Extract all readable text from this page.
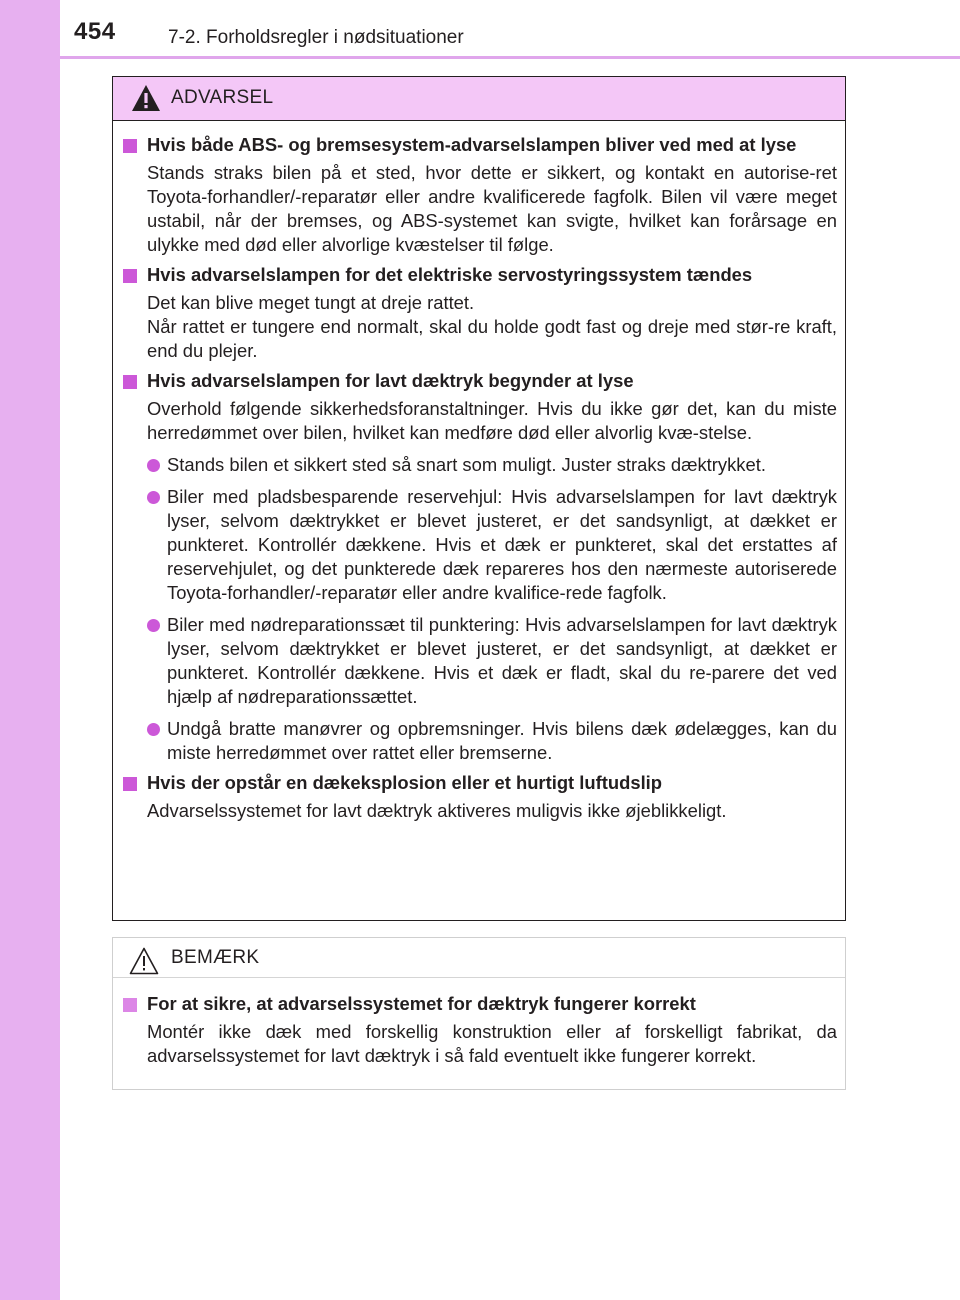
454	7-2. Forholdsregler i nødsituationer
ADVARSEL
Hvis både ABS- og bremsesystem-advarselslampen bliver ved med at lyse
Stands straks bilen på et sted, hvor dette er sikkert, og kontakt en autorise-ret Toyota-forhandler/-reparatør eller andre kvalificerede fagfolk. Bilen vil være meget ustabil, når der bremses, og ABS-systemet kan svigte, hvilket kan forårsage en ulykke med død eller alvorlige kvæstelser til følge.
Hvis advarselslampen for det elektriske servostyringssystem tændes
Det kan blive meget tungt at dreje rattet.
Når rattet er tungere end normalt, skal du holde godt fast og dreje med stør-re kraft, end du plejer.
Hvis advarselslampen for lavt dæktryk begynder at lyse
Overhold følgende sikkerhedsforanstaltninger. Hvis du ikke gør det, kan du miste herredømmet over bilen, hvilket kan medføre død eller alvorlig kvæ-stelse.
Stands bilen et sikkert sted så snart som muligt. Juster straks dæktrykket.
Biler med pladsbesparende reservehjul: Hvis advarselslampen for lavt dæktryk lyser, selvom dæktrykket er blevet justeret, er det sandsynligt, at dækket er punkteret. Kontrollér dækkene. Hvis et dæk er punkteret, skal det erstattes af reservehjulet, og det punkterede dæk repareres hos den nærmeste autoriserede Toyota-forhandler/-reparatør eller andre kvalifice-rede fagfolk.
Biler med nødreparationssæt til punktering: Hvis advarselslampen for lavt dæktryk lyser, selvom dæktrykket er blevet justeret, er det sandsynligt, at dækket er punkteret. Kontrollér dækkene. Hvis et dæk er fladt, skal du re-parere det ved hjælp af nødreparationssættet.
Undgå bratte manøvrer og opbremsninger. Hvis bilens dæk ødelægges, kan du miste herredømmet over rattet eller bremserne.
Hvis der opstår en dækeksplosion eller et hurtigt luftudslip
Advarselssystemet for lavt dæktryk aktiveres muligvis ikke øjeblikkeligt.
BEMÆRK
For at sikre, at advarselssystemet for dæktryk fungerer korrekt
Montér ikke dæk med forskellig konstruktion eller af forskelligt fabrikat, da advarselssystemet for lavt dæktryk i så fald eventuelt ikke fungerer korrekt.
